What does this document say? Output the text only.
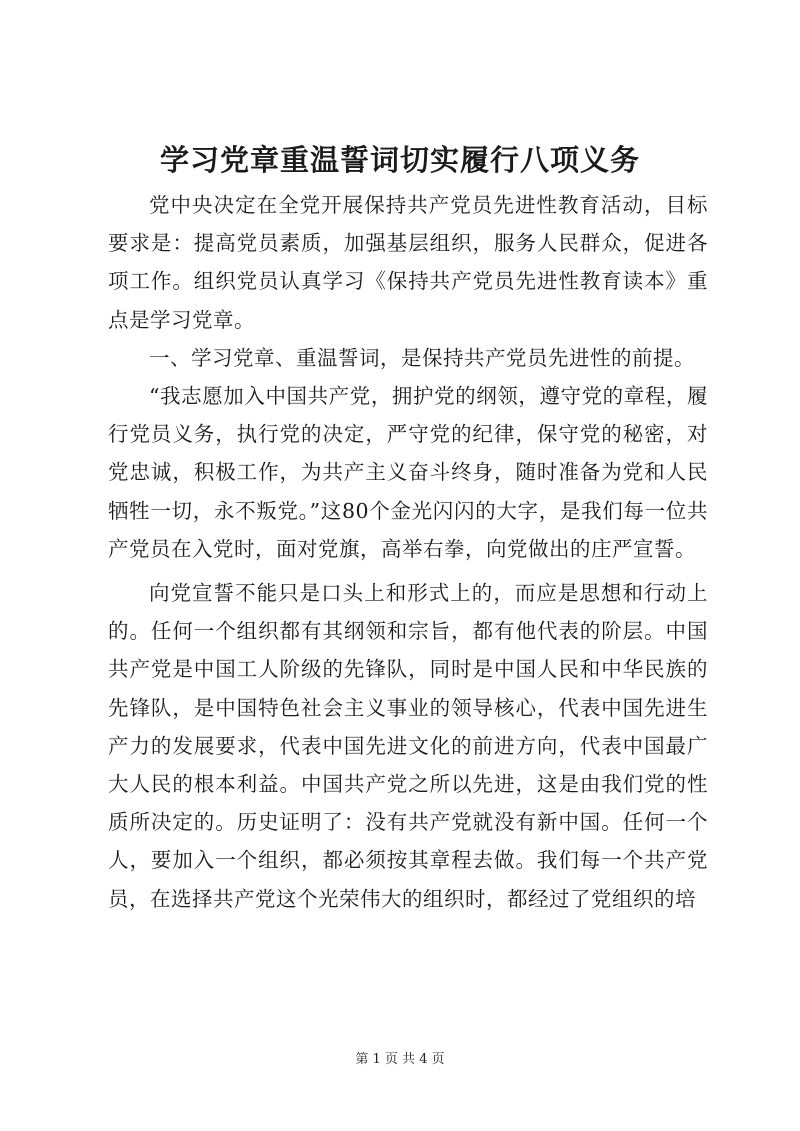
学习党章重温誓词切实履行八项义务

党中央决定在全党开展保持共产党员先进性教育活动，目标要求是：提高党员素质，加强基层组织，服务人民群众，促进各项工作。组织党员认真学习《保持共产党员先进性教育读本》重点是学习党章。

一、学习党章、重温誓词，是保持共产党员先进性的前提。

“我志愿加入中国共产党，拥护党的纲领，遵守党的章程，履行党员义务，执行党的决定，严守党的纪律，保守党的秘密，对党忠诚，积极工作，为共产主义奋斗终身，随时准备为党和人民牺牲一切，永不叛党。”这80个金光闪闪的大字，是我们每一位共产党员在入党时，面对党旗，高举右拳，向党做出的庄严宣誓。

向党宣誓不能只是口头上和形式上的，而应是思想和行动上的。任何一个组织都有其纲领和宗旨，都有他代表的阶层。中国共产党是中国工人阶级的先锋队，同时是中国人民和中华民族的先锋队，是中国特色社会主义事业的领导核心，代表中国先进生产力的发展要求，代表中国先进文化的前进方向，代表中国最广大人民的根本利益。中国共产党之所以先进，这是由我们党的性质所决定的。历史证明了：没有共产党就没有新中国。任何一个人，要加入一个组织，都必须按其章程去做。我们每一个共产党员，在选择共产党这个光荣伟大的组织时，都经过了党组织的培

第 1 页 共 4 页
